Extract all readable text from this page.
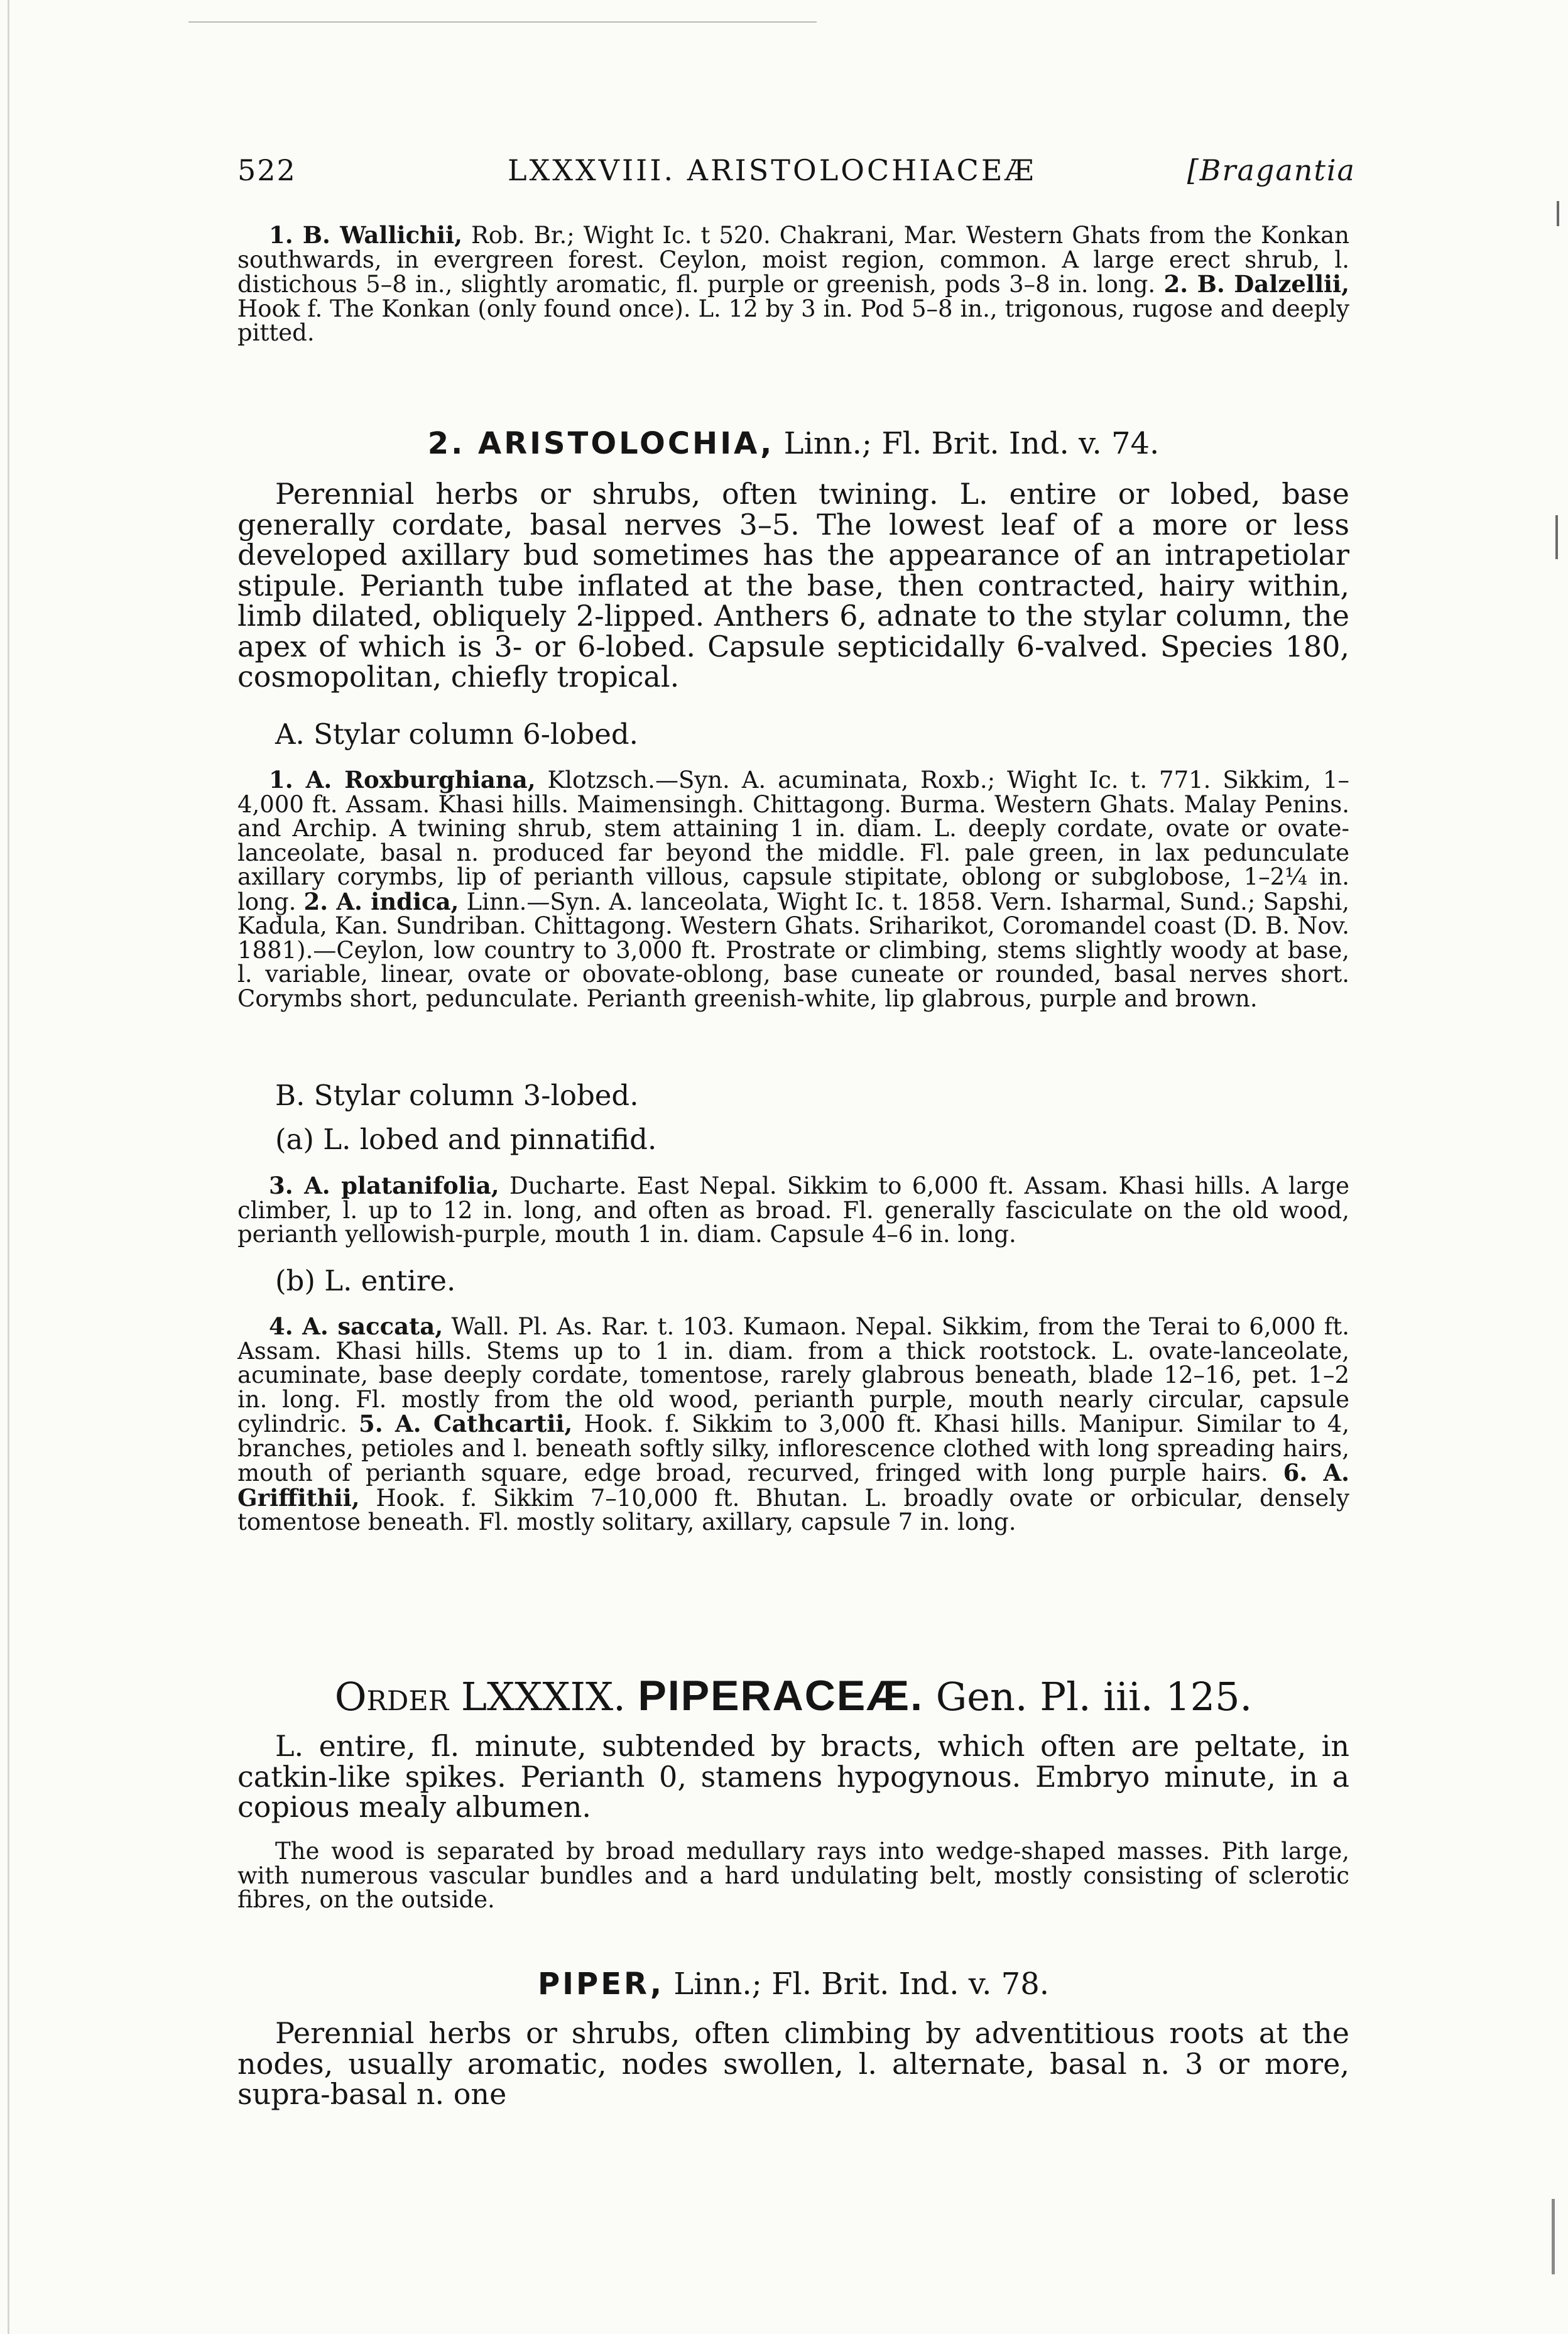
522	LXXXVIII. ARISTOLOCHIACEÆ	[Bragantia
1. B. Wallichii, Rob. Br.; Wight Ic. t 520. Chakrani, Mar. Western Ghats from the Konkan southwards, in evergreen forest. Ceylon, moist region, common. A large erect shrub, l. distichous 5–8 in., slightly aromatic, fl. purple or greenish, pods 3–8 in. long. 2. B. Dalzellii, Hook f. The Konkan (only found once). L. 12 by 3 in. Pod 5–8 in., trigonous, rugose and deeply pitted.
2. ARISTOLOCHIA, Linn.; Fl. Brit. Ind. v. 74.
Perennial herbs or shrubs, often twining. L. entire or lobed, base generally cordate, basal nerves 3–5. The lowest leaf of a more or less developed axillary bud sometimes has the appearance of an intrapetiolar stipule. Perianth tube inflated at the base, then contracted, hairy within, limb dilated, obliquely 2-lipped. Anthers 6, adnate to the stylar column, the apex of which is 3- or 6-lobed. Capsule septicidally 6-valved. Species 180, cosmopolitan, chiefly tropical.
A. Stylar column 6-lobed.
1. A. Roxburghiana, Klotzsch.—Syn. A. acuminata, Roxb.; Wight Ic. t. 771. Sikkim, 1–4,000 ft. Assam. Khasi hills. Maimensingh. Chittagong. Burma. Western Ghats. Malay Penins. and Archip. A twining shrub, stem attaining 1 in. diam. L. deeply cordate, ovate or ovate-lanceolate, basal n. produced far beyond the middle. Fl. pale green, in lax pedunculate axillary corymbs, lip of perianth villous, capsule stipitate, oblong or subglobose, 1–2¼ in. long. 2. A. indica, Linn.—Syn. A. lanceolata, Wight Ic. t. 1858. Vern. Isharmal, Sund.; Sapshi, Kadula, Kan. Sundriban. Chittagong. Western Ghats. Sriharikot, Coromandel coast (D. B. Nov. 1881).—Ceylon, low country to 3,000 ft. Prostrate or climbing, stems slightly woody at base, l. variable, linear, ovate or obovate-oblong, base cuneate or rounded, basal nerves short. Corymbs short, pedunculate. Perianth greenish-white, lip glabrous, purple and brown.
B. Stylar column 3-lobed.
(a) L. lobed and pinnatifid.
3. A. platanifolia, Ducharte. East Nepal. Sikkim to 6,000 ft. Assam. Khasi hills. A large climber, l. up to 12 in. long, and often as broad. Fl. generally fasciculate on the old wood, perianth yellowish-purple, mouth 1 in. diam. Capsule 4–6 in. long.
(b) L. entire.
4. A. saccata, Wall. Pl. As. Rar. t. 103. Kumaon. Nepal. Sikkim, from the Terai to 6,000 ft. Assam. Khasi hills. Stems up to 1 in. diam. from a thick rootstock. L. ovate-lanceolate, acuminate, base deeply cordate, tomentose, rarely glabrous beneath, blade 12–16, pet. 1–2 in. long. Fl. mostly from the old wood, perianth purple, mouth nearly circular, capsule cylindric. 5. A. Cathcartii, Hook. f. Sikkim to 3,000 ft. Khasi hills. Manipur. Similar to 4, branches, petioles and l. beneath softly silky, inflorescence clothed with long spreading hairs, mouth of perianth square, edge broad, recurved, fringed with long purple hairs. 6. A. Griffithii, Hook. f. Sikkim 7–10,000 ft. Bhutan. L. broadly ovate or orbicular, densely tomentose beneath. Fl. mostly solitary, axillary, capsule 7 in. long.
Order LXXXIX. PIPERACEÆ. Gen. Pl. iii. 125.
L. entire, fl. minute, subtended by bracts, which often are peltate, in catkin-like spikes. Perianth 0, stamens hypogynous. Embryo minute, in a copious mealy albumen.
The wood is separated by broad medullary rays into wedge-shaped masses. Pith large, with numerous vascular bundles and a hard undulating belt, mostly consisting of sclerotic fibres, on the outside.
PIPER, Linn.; Fl. Brit. Ind. v. 78.
Perennial herbs or shrubs, often climbing by adventitious roots at the nodes, usually aromatic, nodes swollen, l. alternate, basal n. 3 or more, supra-basal n. one
